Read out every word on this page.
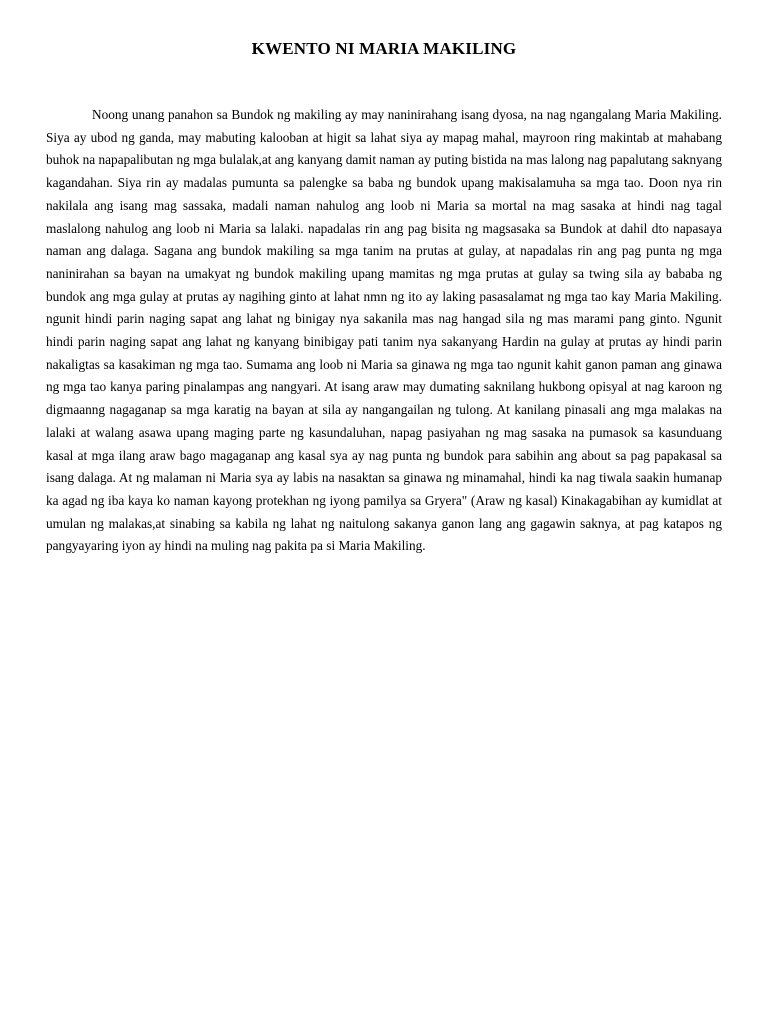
KWENTO NI MARIA MAKILING

Noong unang panahon sa Bundok ng makiling ay may naninirahang isang dyosa, na nag ngangalang Maria Makiling. Siya ay ubod ng ganda, may mabuting kalooban at higit sa lahat siya ay mapag mahal, mayroon ring makintab at mahabang buhok na napapalibutan ng mga bulalak,at ang kanyang damit naman ay puting bistida na mas lalong nag papalutang saknyang kagandahan. Siya rin ay madalas pumunta sa palengke sa baba ng bundok upang makisalamuha sa mga tao. Doon nya rin nakilala ang isang mag sassaka, madali naman nahulog ang loob ni Maria sa mortal na mag sasaka at hindi nag tagal maslalong nahulog ang loob ni Maria sa lalaki. napadalas rin ang pag bisita ng magsasaka sa Bundok at dahil dto napasaya naman ang dalaga. Sagana ang bundok makiling sa mga tanim na prutas at gulay, at napadalas rin ang pag punta ng mga naninirahan sa bayan na umakyat ng bundok makiling upang mamitas ng mga prutas at gulay sa twing sila ay bababa ng bundok ang mga gulay at prutas ay nagihing ginto at lahat nmn ng ito ay laking pasasalamat ng mga tao kay Maria Makiling. ngunit hindi parin naging sapat ang lahat ng binigay nya sakanila mas nag hangad sila ng mas marami pang ginto. Ngunit hindi parin naging sapat ang lahat ng kanyang binibigay pati tanim nya sakanyang Hardin na gulay at prutas ay hindi parin nakaligtas sa kasakiman ng mga tao. Sumama ang loob ni Maria sa ginawa ng mga tao ngunit kahit ganon paman ang ginawa ng mga tao kanya paring pinalampas ang nangyari. At isang araw may dumating saknilang hukbong opisyal at nag karoon ng digmaanng nagaganap sa mga karatig na bayan at sila ay nangangailan ng tulong. At kanilang pinasali ang mga malakas na lalaki at walang asawa upang maging parte ng kasundaluhan, napag pasiyahan ng mag sasaka na pumasok sa kasunduang kasal at mga ilang araw bago magaganap ang kasal sya ay nag punta ng bundok para sabihin ang about sa pag papakasal sa isang dalaga. At ng malaman ni Maria sya ay labis na nasaktan sa ginawa ng minamahal, hindi ka nag tiwala saakin humanap ka agad ng iba kaya ko naman kayong protekhan ng iyong pamilya sa Gryera" (Araw ng kasal) Kinakagabihan ay kumidlat at umulan ng malakas,at sinabing sa kabila ng lahat ng naitulong sakanya ganon lang ang gagawin saknya, at pag katapos ng pangyayaring iyon ay hindi na muling nag pakita pa si Maria Makiling.
